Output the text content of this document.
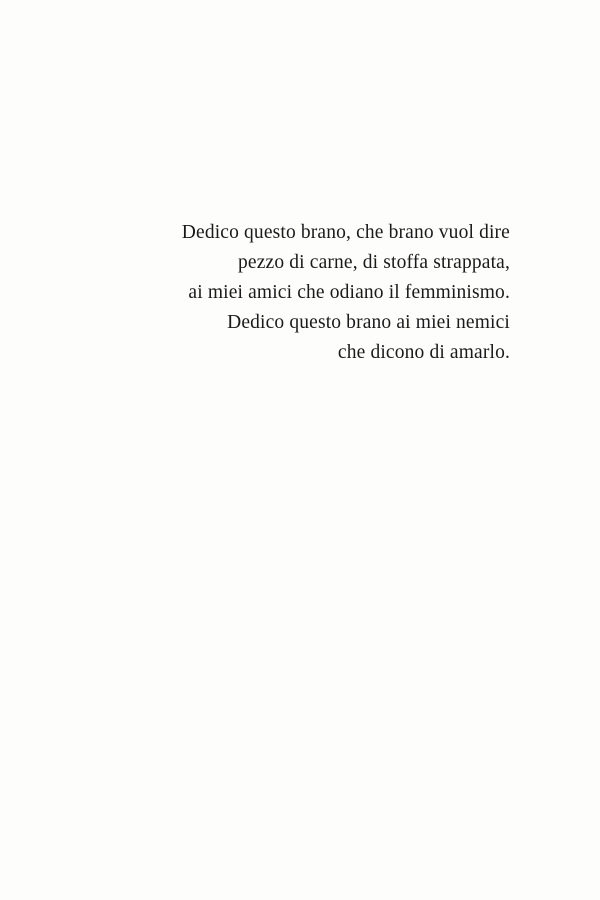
Dedico questo brano, che brano vuol dire
pezzo di carne, di stoffa strappata,
ai miei amici che odiano il femminismo.
Dedico questo brano ai miei nemici
che dicono di amarlo.
